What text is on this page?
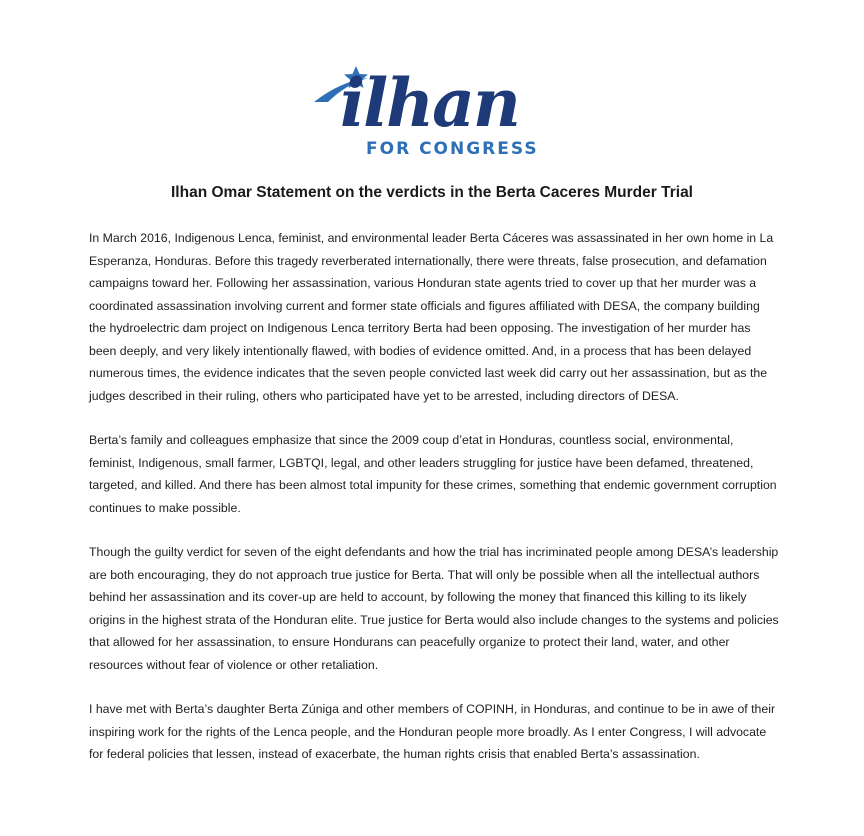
ilhan
FOR CONGRESS
Ilhan Omar Statement on the verdicts in the Berta Caceres Murder Trial

In March 2016, Indigenous Lenca, feminist, and environmental leader Berta Cáceres was assassinated in her own home in La Esperanza, Honduras. Before this tragedy reverberated internationally, there were threats, false prosecution, and defamation campaigns toward her. Following her assassination, various Honduran state agents tried to cover up that her murder was a coordinated assassination involving current and former state officials and figures affiliated with DESA, the company building the hydroelectric dam project on Indigenous Lenca territory Berta had been opposing. The investigation of her murder has been deeply, and very likely intentionally flawed, with bodies of evidence omitted. And, in a process that has been delayed numerous times, the evidence indicates that the seven people convicted last week did carry out her assassination, but as the judges described in their ruling, others who participated have yet to be arrested, including directors of DESA.

Berta’s family and colleagues emphasize that since the 2009 coup d’etat in Honduras, countless social, environmental, feminist, Indigenous, small farmer, LGBTQI, legal, and other leaders struggling for justice have been defamed, threatened, targeted, and killed. And there has been almost total impunity for these crimes, something that endemic government corruption continues to make possible.

Though the guilty verdict for seven of the eight defendants and how the trial has incriminated people among DESA’s leadership are both encouraging, they do not approach true justice for Berta. That will only be possible when all the intellectual authors behind her assassination and its cover-up are held to account, by following the money that financed this killing to its likely origins in the highest strata of the Honduran elite. True justice for Berta would also include changes to the systems and policies that allowed for her assassination, to ensure Hondurans can peacefully organize to protect their land, water, and other resources without fear of violence or other retaliation.

I have met with Berta’s daughter Berta Zúniga and other members of COPINH, in Honduras, and continue to be in awe of their inspiring work for the rights of the Lenca people, and the Honduran people more broadly. As I enter Congress, I will advocate for federal policies that lessen, instead of exacerbate, the human rights crisis that enabled Berta’s assassination.
